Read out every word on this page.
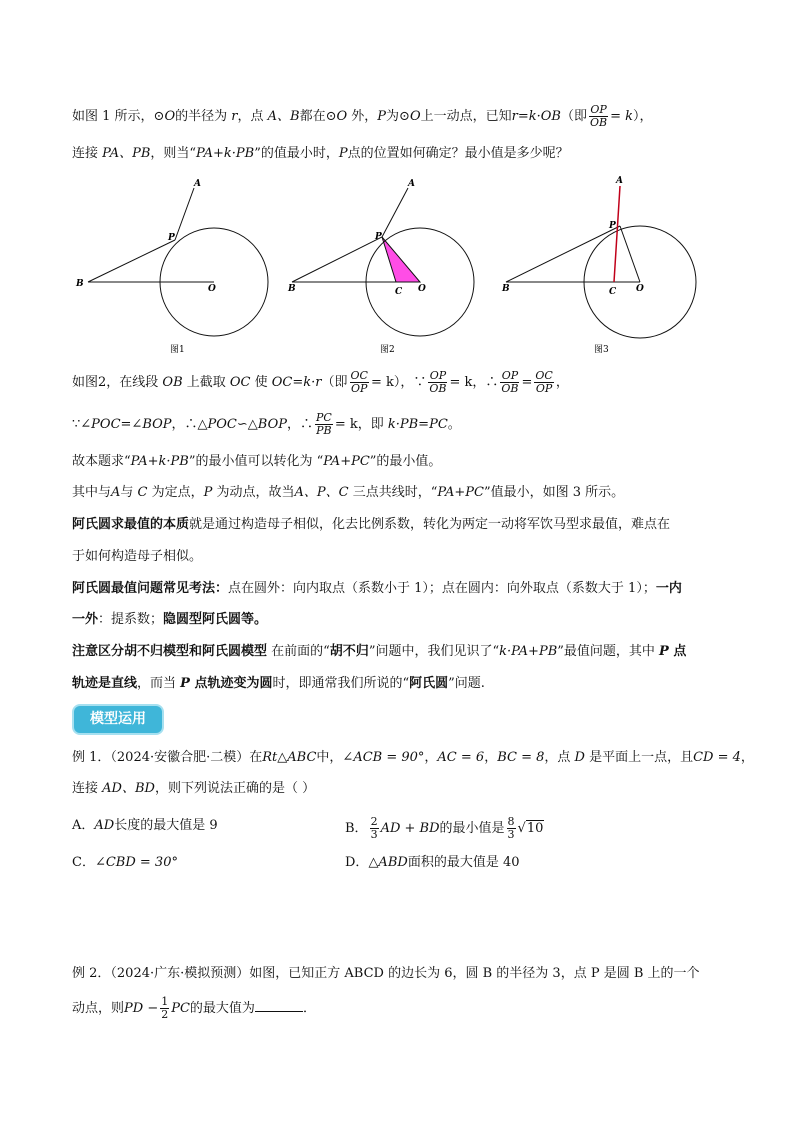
如图 1 所示，⊙O的半径为 r，点 A、B都在⊙O 外，P为⊙O上一动点，已知r=k·OB（即 $\frac{OP}{OB} = k$），
连接 PA、PB，则当“PA+k·PB”的值最小时，P点的位置如何确定？最小值是多少呢？
A
B
P
O
图1
A
B
P
C O
图2
A
B
P
C O
图3
如图2，在线段 OB 上截取 OC 使 OC=k·r（即 $\frac{OC}{OP} = k$），∵ $\frac{OP}{OB} = k$，∴ $\frac{OP}{OB} = \frac{OC}{OP}$ ，
∵∠POC=∠BOP，∴△POC∽△BOP，∴ $\frac{PC}{PB} = k$，即 k·PB=PC。
故本题求“PA+k·PB”的最小值可以转化为 “PA+PC”的最小值。
其中与A与 C 为定点，P 为动点，故当A、P、C 三点共线时，“PA+PC”值最小，如图 3 所示。
阿氏圆求最值的本质就是通过构造母子相似，化去比例系数，转化为两定一动将军饮马型求最值，难点在
于如何构造母子相似。
阿氏圆最值问题常见考法：点在圆外：向内取点（系数小于 1）；点在圆内：向外取点（系数大于 1）；一内
一外：提系数；隐圆型阿氏圆等。
注意区分胡不归模型和阿氏圆模型 在前面的“胡不归”问题中，我们见识了“k·PA+PB”最值问题，其中 P 点
轨迹是直线，而当 P 点轨迹变为圆时，即通常我们所说的“阿氏圆”问题.
模型运用
例 1．（2024·安徽合肥·二模）在Rt△ABC中，∠ACB = 90°，AC = 6，BC = 8，点 D 是平面上一点，且CD = 4，
连接 AD、BD，则下列说法正确的是（ ）
A．AD长度的最大值是 9	B． $\frac{2}{3}$ AD + BD的最小值是 $\frac{8}{3} √10$
C．∠CBD = 30°	D．△ABD面积的最大值是 40
例 2．（2024·广东·模拟预测）如图，已知正方 ABCD 的边长为 6，圆 B 的半径为 3，点 P 是圆 B 上的一个
动点，则PD − $\frac{1}{2}$ PC的最大值为	．
